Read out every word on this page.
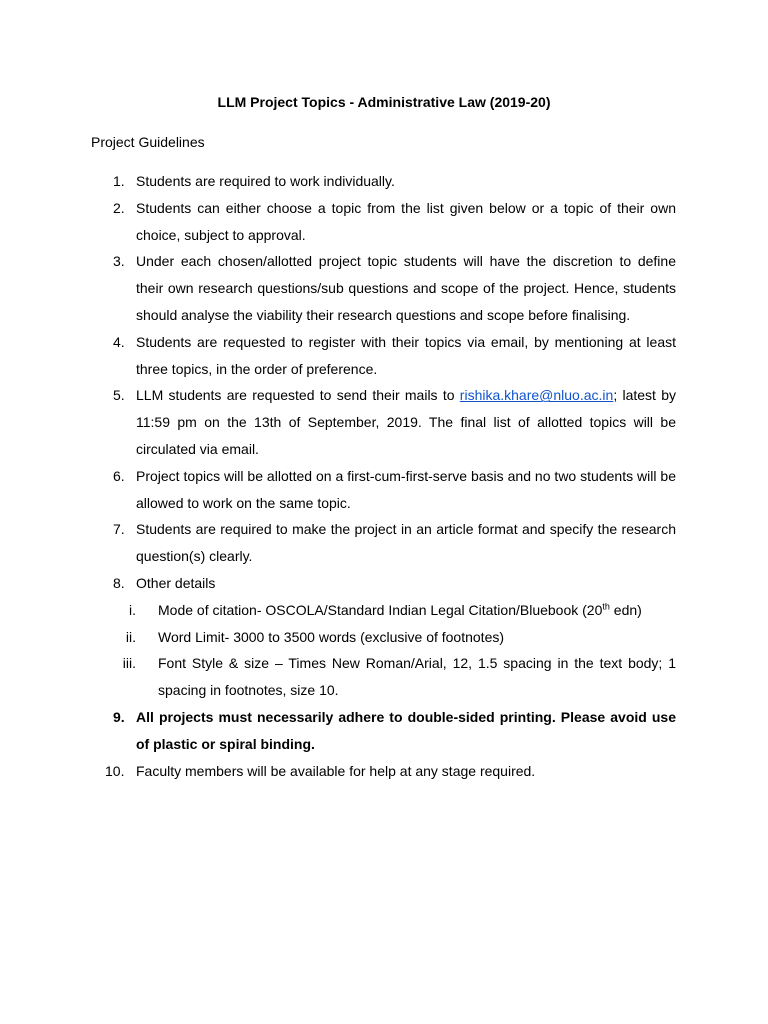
LLM Project Topics - Administrative Law (2019-20)
Project Guidelines
1. Students are required to work individually.
2. Students can either choose a topic from the list given below or a topic of their own choice, subject to approval.
3. Under each chosen/allotted project topic students will have the discretion to define their own research questions/sub questions and scope of the project. Hence, students should analyse the viability their research questions and scope before finalising.
4. Students are requested to register with their topics via email, by mentioning at least three topics, in the order of preference.
5. LLM students are requested to send their mails to rishika.khare@nluo.ac.in; latest by 11:59 pm on the 13th of September, 2019. The final list of allotted topics will be circulated via email.
6. Project topics will be allotted on a first-cum-first-serve basis and no two students will be allowed to work on the same topic.
7. Students are required to make the project in an article format and specify the research question(s) clearly.
8. Other details
i. Mode of citation- OSCOLA/Standard Indian Legal Citation/Bluebook (20th edn)
ii. Word Limit- 3000 to 3500 words (exclusive of footnotes)
iii. Font Style & size – Times New Roman/Arial, 12, 1.5 spacing in the text body; 1 spacing in footnotes, size 10.
9. All projects must necessarily adhere to double-sided printing. Please avoid use of plastic or spiral binding.
10. Faculty members will be available for help at any stage required.
